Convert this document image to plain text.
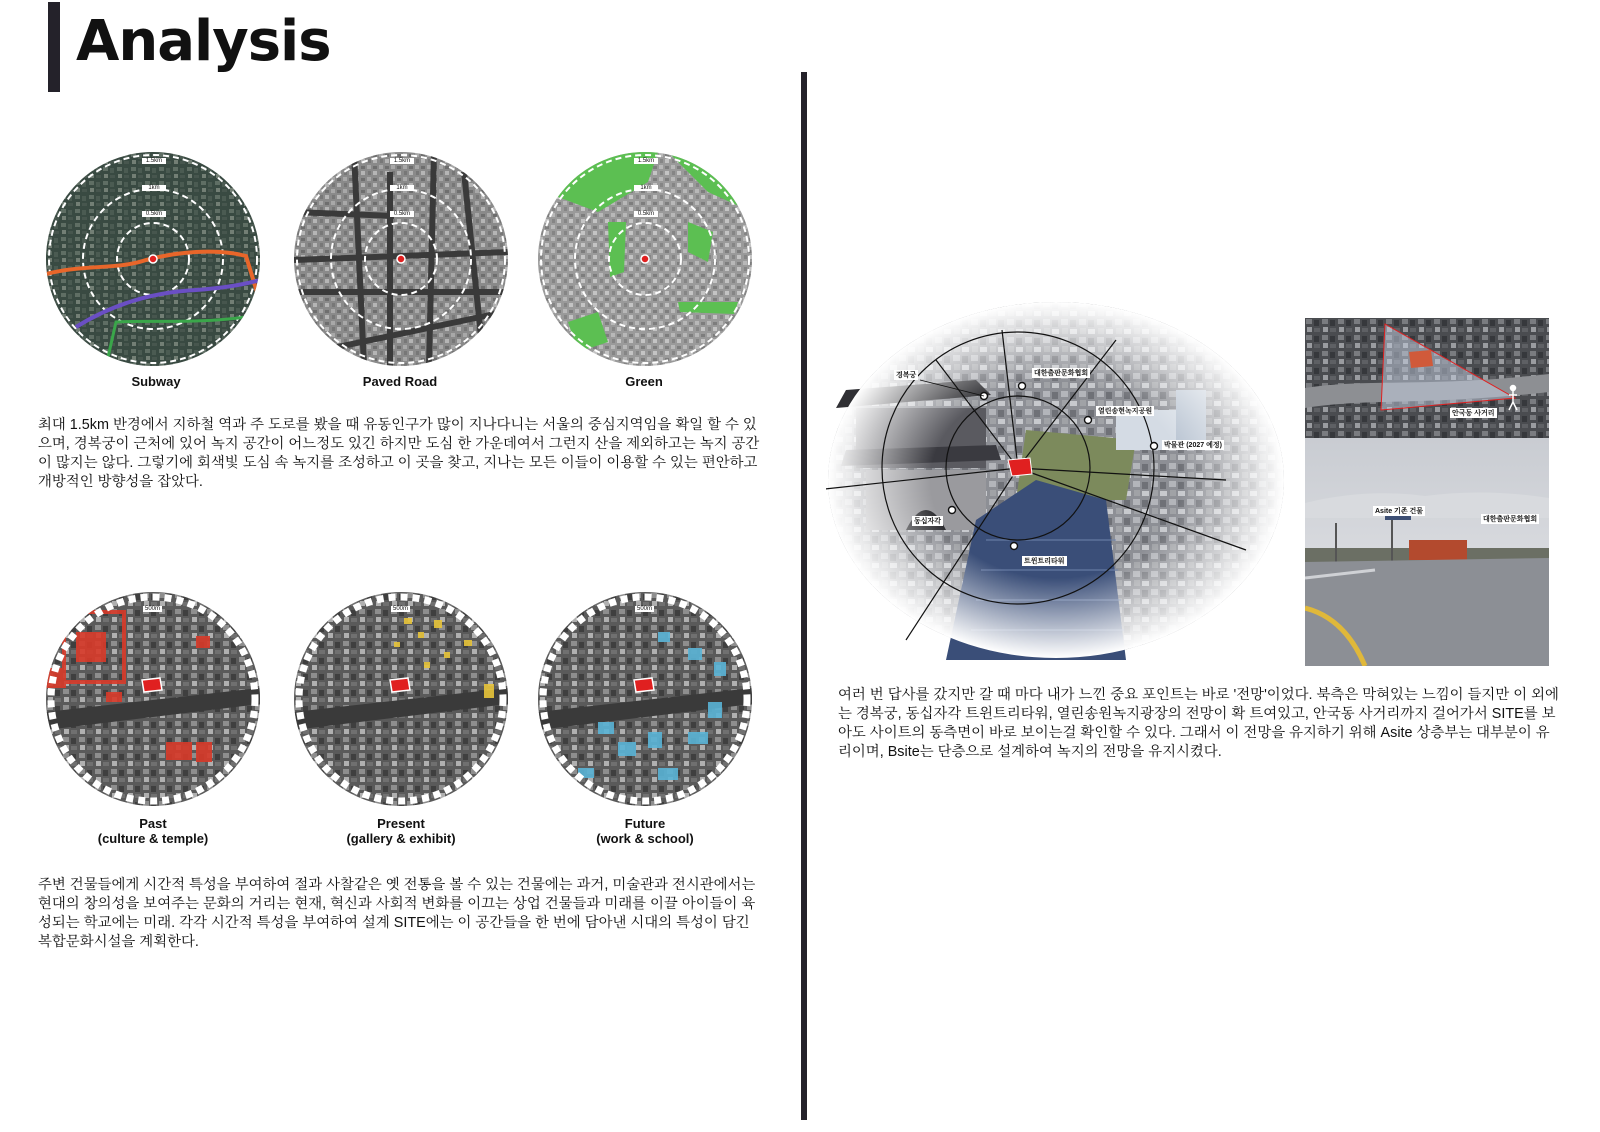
Analysis
1.5km
1km
0.5km
1.5km
1km
0.5km
1.5km
1km
0.5km
Subway	Paved Road	Green

최대 1.5km 반경에서 지하철 역과 주 도로를 봤을 때 유동인구가 많이 지나다니는 서울의 중심지역임을 확일 할 수 있으며, 경복궁이 근처에 있어 녹지 공간이 어느정도 있긴 하지만 도심 한 가운데여서 그런지 산을 제외하고는 녹지 공간이 많지는 않다. 그렇기에 회색빛 도심 속 녹지를 조성하고 이 곳을 찾고, 지나는 모든 이들이 이용할 수 있는 편안하고 개방적인 방향성을 잡았다.

500m	500m	500m
Past
(culture & temple)
Present
(gallery & exhibit)
Future
(work & school)

주변 건물들에게 시간적 특성을 부여하여 절과 사찰같은 옛 전통을 볼 수 있는 건물에는 과거, 미술관과 전시관에서는 현대의 창의성을 보여주는 문화의 거리는 현재, 혁신과 사회적 변화를 이끄는 상업 건물들과 미래를 이끌 아이들이 육성되는 학교에는 미래. 각각 시간적 특성을 부여하여 설계 SITE에는 이 공간들을 한 번에 담아낸 시대의 특성이 담긴 복합문화시설을 계획한다.

경복궁	대한출판문화협회
열린송현녹지공원
박물관 (2027 예정)
동십자각
트윈트리타워
안국동 사거리
Asite 기존 건물
대한출판문화협회

여러 번 답사를 갔지만 갈 때 마다 내가 느낀 중요 포인트는 바로 '전망'이었다. 북측은 막혀있는 느낌이 들지만 이 외에는 경복궁, 동십자각 트윈트리타워, 열린송원녹지광장의 전망이 확 트여있고, 안국동 사거리까지 걸어가서 SITE를 보아도 사이트의 동측면이 바로 보이는걸 확인할 수 있다. 그래서 이 전망을 유지하기 위해 Asite 상층부는 대부분이 유리이며, Bsite는 단층으로 설계하여 녹지의 전망을 유지시켰다.
